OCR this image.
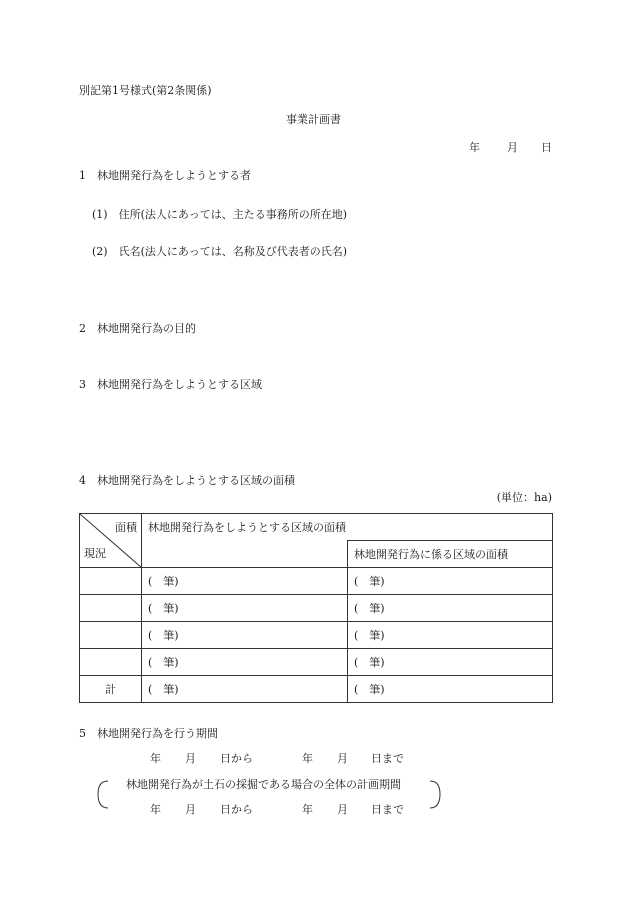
別記第1号様式(第2条関係)
事業計画書
年 月 日
1　林地開発行為をしようとする者
(1)　住所(法人にあっては、主たる事務所の所在地)
(2)　氏名(法人にあっては、名称及び代表者の氏名)
2　林地開発行為の目的
3　林地開発行為をしようとする区域
4　林地開発行為をしようとする区域の面積
(単位：ha)
面積
現況	林地開発行為をしようとする区域の面積	
		林地開発行為に係る区域の面積
	(　筆)	(　筆)
	(　筆)	(　筆)
	(　筆)	(　筆)
	(　筆)	(　筆)
計	(　筆)	(　筆)
5　林地開発行為を行う期間
年 月 日から	年 月 日まで
林地開発行為が土石の採掘である場合の全体の計画期間
年 月 日から	年 月 日まで
